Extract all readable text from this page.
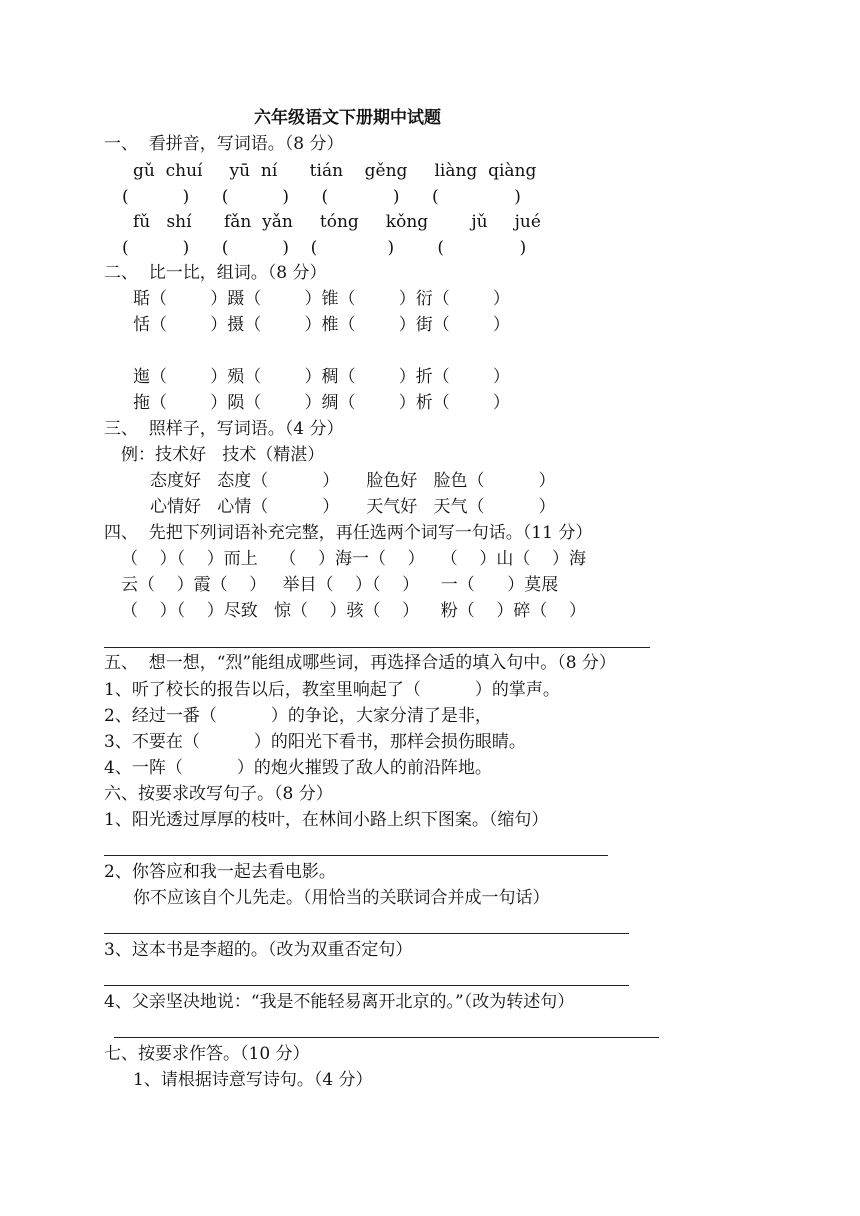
六年级语文下册期中试题
一、  看拼音，写词语。（8 分）
gǔ  chuí     yū  ní      tián    gěng     liàng  qiàng
(          )      (          )      (            )      (              )
fǔ   shí      fǎn  yǎn     tóng     kǒng        jǔ     jué
(          )      (          )    (             )        (              )
二、  比一比，组词。（8 分）
聒（        ）蹑（        ）锥（        ）衍（        ）
恬（        ）摄（        ）椎（        ）街（        ）
迤（        ）殒（        ）稠（        ）折（        ）
拖（        ）陨（        ）绸（        ）析（        ）
三、  照样子，写词语。（4 分）
例：技术好   技术（精湛）
态度好   态度（          ）     脸色好   脸色（          ）
心情好   心情（          ）     天气好   天气（          ）
四、  先把下列词语补充完整，再任选两个词写一句话。（11 分）
（    ）（    ）而上    （    ）海一（    ）   （    ）山（    ）海
云（    ）霞（    ）   举目（    ）（    ）    一（      ）莫展
（    ）（    ）尽致   惊（    ）骇（    ）    粉（    ）碎（    ）
五、  想一想，“烈”能组成哪些词，再选择合适的填入句中。（8 分）
1、听了校长的报告以后，教室里响起了（          ）的掌声。
2、经过一番（          ）的争论，大家分清了是非，
3、不要在（          ）的阳光下看书，那样会损伤眼睛。
4、一阵（          ）的炮火摧毁了敌人的前沿阵地。
六、按要求改写句子。（8 分）
1、阳光透过厚厚的枝叶，在林间小路上织下图案。（缩句）
2、你答应和我一起去看电影。
你不应该自个儿先走。（用恰当的关联词合并成一句话）
3、这本书是李超的。（改为双重否定句）
4、父亲坚决地说：“我是不能轻易离开北京的。”（改为转述句）
七、按要求作答。（10 分）
1、请根据诗意写诗句。（4 分）
